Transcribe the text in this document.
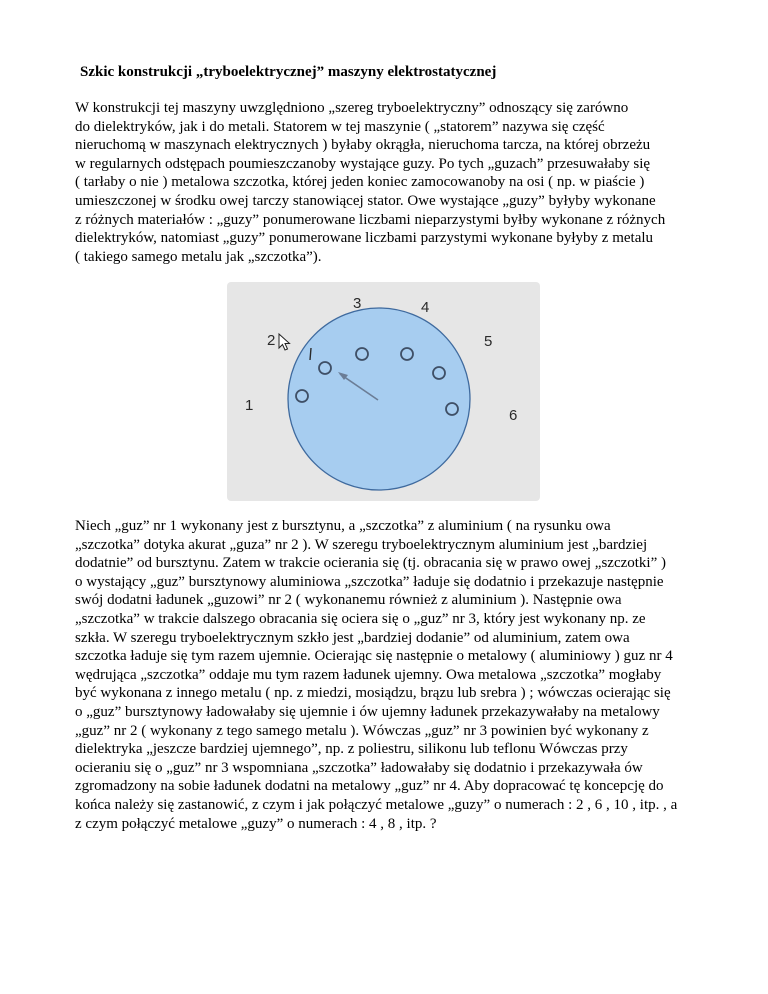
Szkic konstrukcji „tryboelektrycznej” maszyny elektrostatycznej

W konstrukcji tej maszyny uwzględniono „szereg tryboelektryczny” odnoszący się zarówno
do dielektryków, jak i do metali. Statorem w tej maszynie ( „statorem” nazywa się część
nieruchomą w maszynach elektrycznych ) byłaby okrągła, nieruchoma tarcza, na której obrzeżu
w regularnych odstępach poumieszczanoby wystające guzy. Po tych „guzach” przesuwałaby się
( tarłaby o nie ) metalowa szczotka, której jeden koniec zamocowanoby na osi ( np. w piaście )
umieszczonej w środku owej tarczy stanowiącej stator. Owe wystające „guzy” byłyby wykonane
z różnych materiałów : „guzy” ponumerowane liczbami nieparzystymi byłby wykonane z różnych
dielektryków, natomiast „guzy” ponumerowane liczbami parzystymi wykonane byłyby z metalu
( takiego samego metalu jak „szczotka”).

1
2
3	4
5
6

Niech „guz” nr 1 wykonany jest z bursztynu, a „szczotka” z aluminium ( na rysunku owa
„szczotka” dotyka akurat „guza” nr 2 ). W szeregu tryboelektrycznym aluminium jest „bardziej
dodatnie” od bursztynu. Zatem w trakcie ocierania się (tj. obracania się w prawo owej „szczotki” )
o wystający „guz” bursztynowy aluminiowa „szczotka” ładuje się dodatnio i przekazuje następnie
swój dodatni ładunek „guzowi” nr 2 ( wykonanemu również z aluminium ). Następnie owa
„szczotka” w trakcie dalszego obracania się ociera się o „guz” nr 3, który jest wykonany np. ze
szkła. W szeregu tryboelektrycznym szkło jest „bardziej dodanie” od aluminium, zatem owa
szczotka ładuje się tym razem ujemnie. Ocierając się następnie o metalowy ( aluminiowy ) guz nr 4
wędrująca „szczotka” oddaje mu tym razem ładunek ujemny. Owa metalowa „szczotka” mogłaby
być wykonana z innego metalu ( np. z miedzi, mosiądzu, brązu lub srebra ) ; wówczas ocierając się
o „guz” bursztynowy ładowałaby się ujemnie i ów ujemny ładunek przekazywałaby na metalowy
„guz” nr 2 ( wykonany z tego samego metalu ). Wówczas „guz” nr 3 powinien być wykonany z
dielektryka „jeszcze bardziej ujemnego”, np. z poliestru, silikonu lub teflonu Wówczas przy
ocieraniu się o „guz” nr 3 wspomniana „szczotka” ładowałaby się dodatnio i przekazywała ów
zgromadzony na sobie ładunek dodatni na metalowy „guz” nr 4. Aby dopracować tę koncepcję do
końca należy się zastanowić, z czym i jak połączyć metalowe „guzy” o numerach : 2 , 6 , 10 , itp. , a
z czym połączyć metalowe „guzy” o numerach : 4 , 8 , itp. ?
